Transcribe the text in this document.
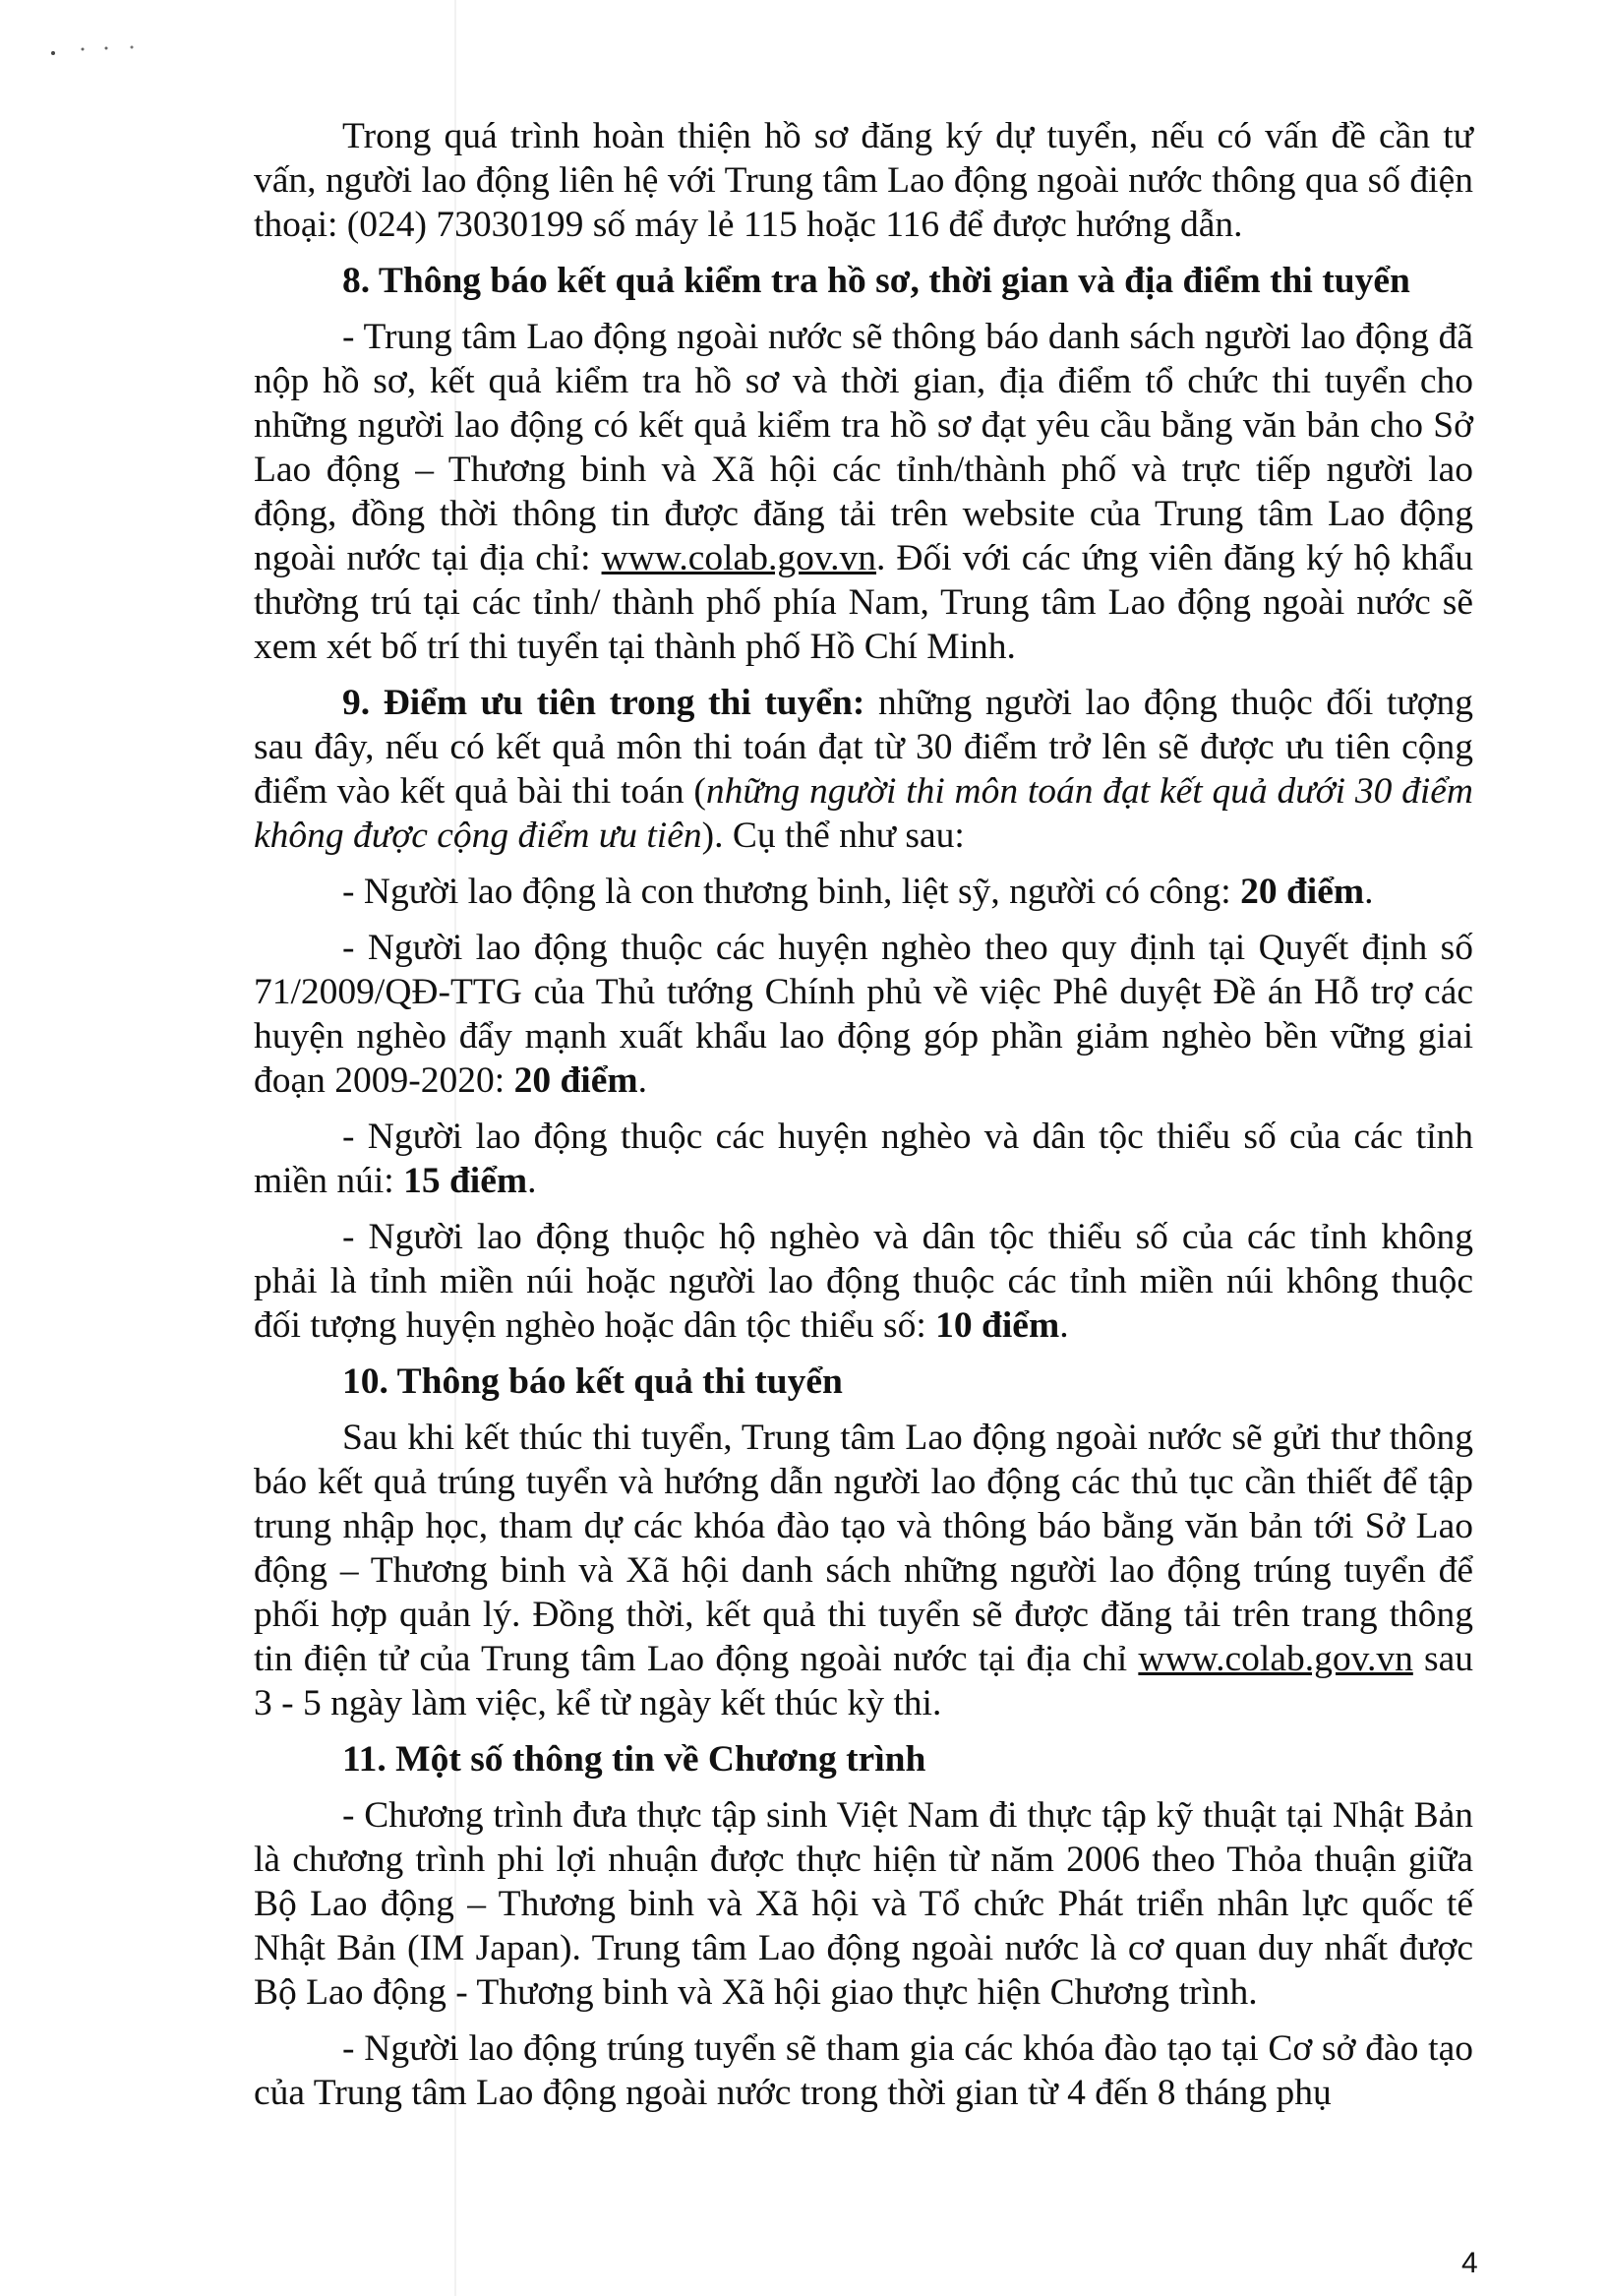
Trong quá trình hoàn thiện hồ sơ đăng ký dự tuyển, nếu có vấn đề cần tư vấn, người lao động liên hệ với Trung tâm Lao động ngoài nước thông qua số điện thoại: (024) 73030199 số máy lẻ 115 hoặc 116 để được hướng dẫn.

8. Thông báo kết quả kiểm tra hồ sơ, thời gian và địa điểm thi tuyển

- Trung tâm Lao động ngoài nước sẽ thông báo danh sách người lao động đã nộp hồ sơ, kết quả kiểm tra hồ sơ và thời gian, địa điểm tổ chức thi tuyển cho những người lao động có kết quả kiểm tra hồ sơ đạt yêu cầu bằng văn bản cho Sở Lao động – Thương binh và Xã hội các tỉnh/thành phố và trực tiếp người lao động, đồng thời thông tin được đăng tải trên website của Trung tâm Lao động ngoài nước tại địa chỉ: www.colab.gov.vn. Đối với các ứng viên đăng ký hộ khẩu thường trú tại các tỉnh/ thành phố phía Nam, Trung tâm Lao động ngoài nước sẽ xem xét bố trí thi tuyển tại thành phố Hồ Chí Minh.

9. Điểm ưu tiên trong thi tuyển: những người lao động thuộc đối tượng sau đây, nếu có kết quả môn thi toán đạt từ 30 điểm trở lên sẽ được ưu tiên cộng điểm vào kết quả bài thi toán (những người thi môn toán đạt kết quả dưới 30 điểm không được cộng điểm ưu tiên). Cụ thể như sau:

- Người lao động là con thương binh, liệt sỹ, người có công: 20 điểm.

- Người lao động thuộc các huyện nghèo theo quy định tại Quyết định số 71/2009/QĐ-TTG của Thủ tướng Chính phủ về việc Phê duyệt Đề án Hỗ trợ các huyện nghèo đẩy mạnh xuất khẩu lao động góp phần giảm nghèo bền vững giai đoạn 2009-2020: 20 điểm.

- Người lao động thuộc các huyện nghèo và dân tộc thiểu số của các tỉnh miền núi: 15 điểm.

- Người lao động thuộc hộ nghèo và dân tộc thiểu số của các tỉnh không phải là tỉnh miền núi hoặc người lao động thuộc các tỉnh miền núi không thuộc đối tượng huyện nghèo hoặc dân tộc thiểu số: 10 điểm.

10. Thông báo kết quả thi tuyển

Sau khi kết thúc thi tuyển, Trung tâm Lao động ngoài nước sẽ gửi thư thông báo kết quả trúng tuyển và hướng dẫn người lao động các thủ tục cần thiết để tập trung nhập học, tham dự các khóa đào tạo và thông báo bằng văn bản tới Sở Lao động – Thương binh và Xã hội danh sách những người lao động trúng tuyển để phối hợp quản lý. Đồng thời, kết quả thi tuyển sẽ được đăng tải trên trang thông tin điện tử của Trung tâm Lao động ngoài nước tại địa chỉ www.colab.gov.vn sau 3 - 5 ngày làm việc, kể từ ngày kết thúc kỳ thi.

11. Một số thông tin về Chương trình

- Chương trình đưa thực tập sinh Việt Nam đi thực tập kỹ thuật tại Nhật Bản là chương trình phi lợi nhuận được thực hiện từ năm 2006 theo Thỏa thuận giữa Bộ Lao động – Thương binh và Xã hội và Tổ chức Phát triển nhân lực quốc tế Nhật Bản (IM Japan). Trung tâm Lao động ngoài nước là cơ quan duy nhất được Bộ Lao động - Thương binh và Xã hội giao thực hiện Chương trình.

- Người lao động trúng tuyển sẽ tham gia các khóa đào tạo tại Cơ sở đào tạo của Trung tâm Lao động ngoài nước trong thời gian từ 4 đến 8 tháng phụ

4
